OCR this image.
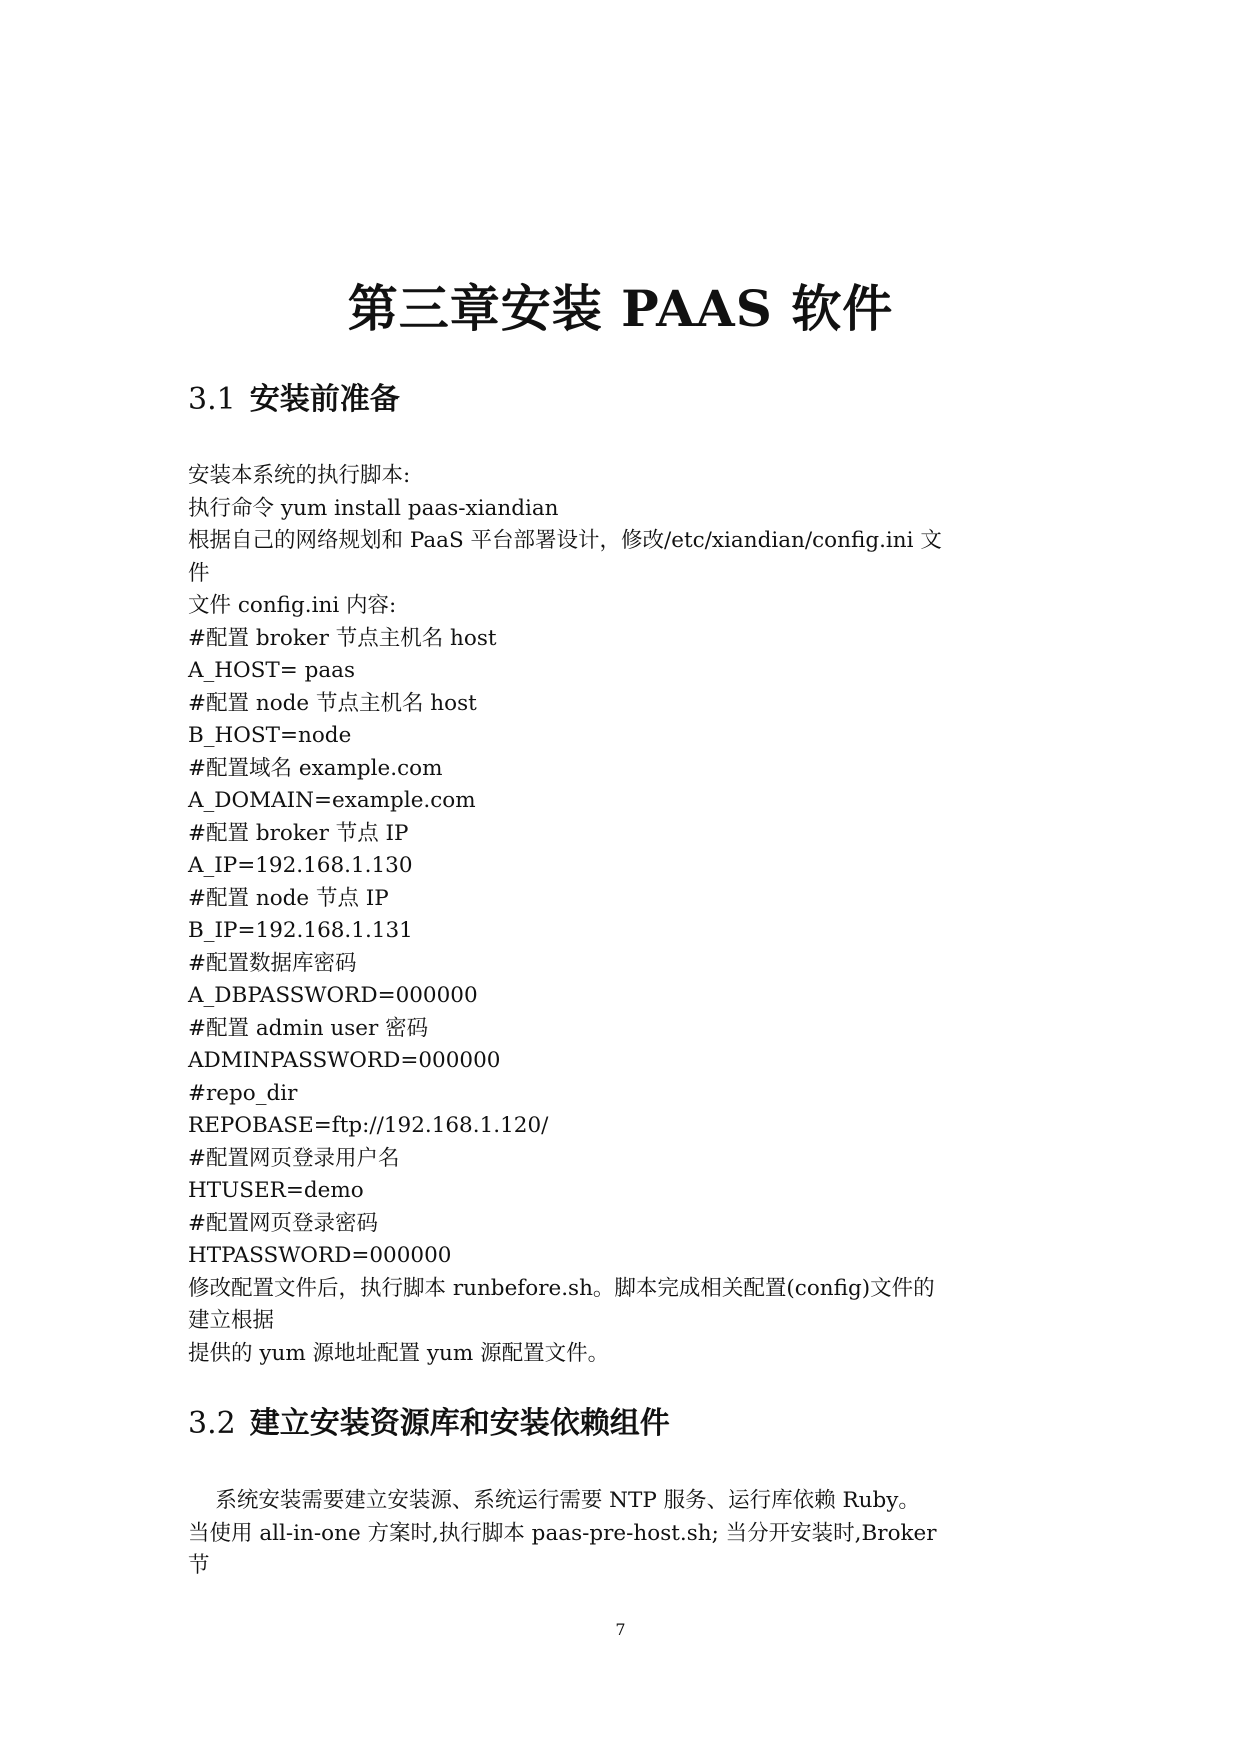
第三章安装 PAAS 软件
3.1 安装前准备
安装本系统的执行脚本:
执行命令 yum install paas-xiandian
根据自己的网络规划和 PaaS 平台部署设计，修改/etc/xiandian/config.ini 文
件
文件 config.ini 内容:
#配置 broker 节点主机名 host
A_HOST= paas
#配置 node 节点主机名 host
B_HOST=node
#配置域名 example.com
A_DOMAIN=example.com
#配置 broker 节点 IP
A_IP=192.168.1.130
#配置 node 节点 IP
B_IP=192.168.1.131
#配置数据库密码
A_DBPASSWORD=000000
#配置 admin user 密码
ADMINPASSWORD=000000
#repo_dir
REPOBASE=ftp://192.168.1.120/
#配置网页登录用户名
HTUSER=demo
#配置网页登录密码
HTPASSWORD=000000
修改配置文件后，执行脚本 runbefore.sh。脚本完成相关配置(config)文件的
建立根据
提供的 yum 源地址配置 yum 源配置文件。
3.2 建立安装资源库和安装依赖组件
系统安装需要建立安装源、系统运行需要 NTP 服务、运行库依赖 Ruby。
当使用 all-in-one 方案时,执行脚本 paas-pre-host.sh; 当分开安装时,Broker
节
7
